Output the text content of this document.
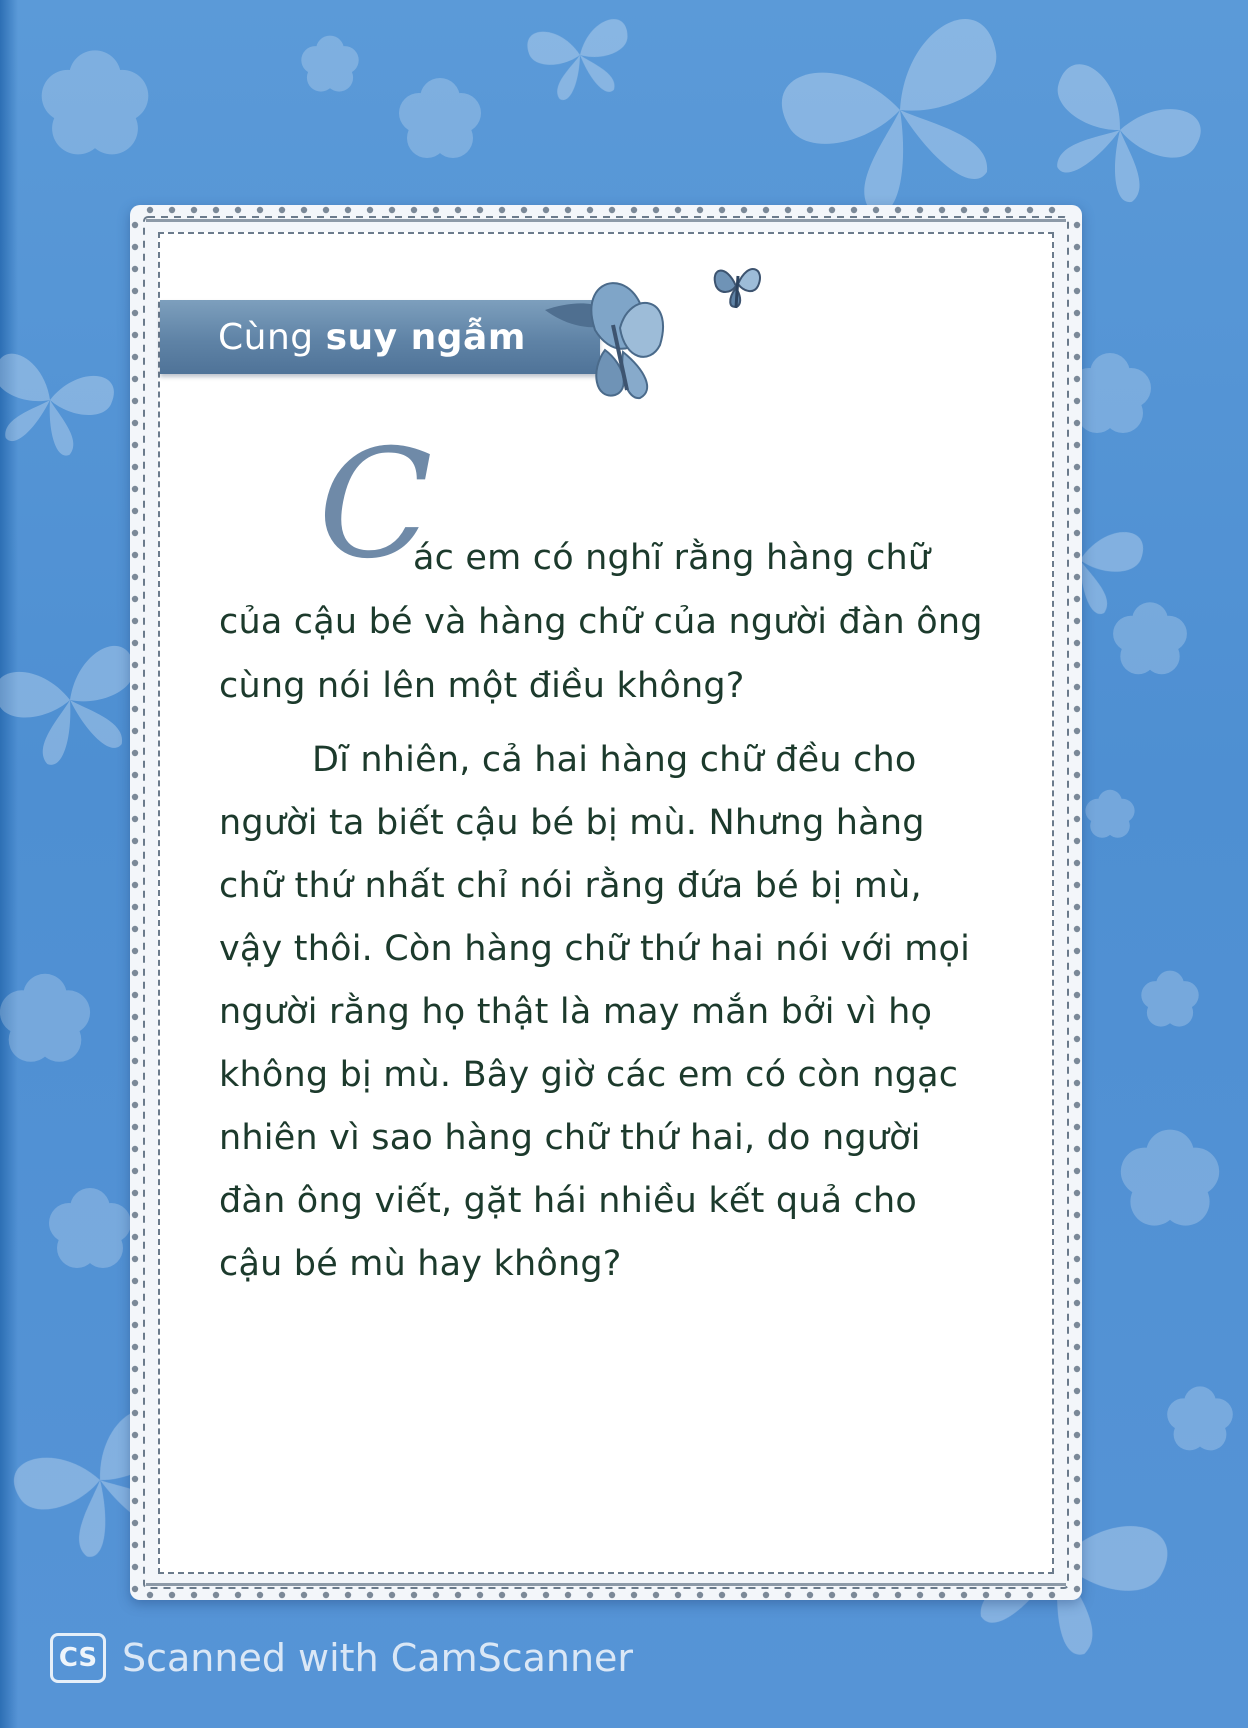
Cùng suy ngẫm
C
ác em có nghĩ rằng hàng chữ
của cậu bé và hàng chữ của người đàn ông
cùng nói lên một điều không?
Dĩ nhiên, cả hai hàng chữ đều cho
người ta biết cậu bé bị mù. Nhưng hàng
chữ thứ nhất chỉ nói rằng đứa bé bị mù,
vậy thôi. Còn hàng chữ thứ hai nói với mọi
người rằng họ thật là may mắn bởi vì họ
không bị mù. Bây giờ các em có còn ngạc
nhiên vì sao hàng chữ thứ hai, do người
đàn ông viết, gặt hái nhiều kết quả cho
cậu bé mù hay không?
CS Scanned with CamScanner
